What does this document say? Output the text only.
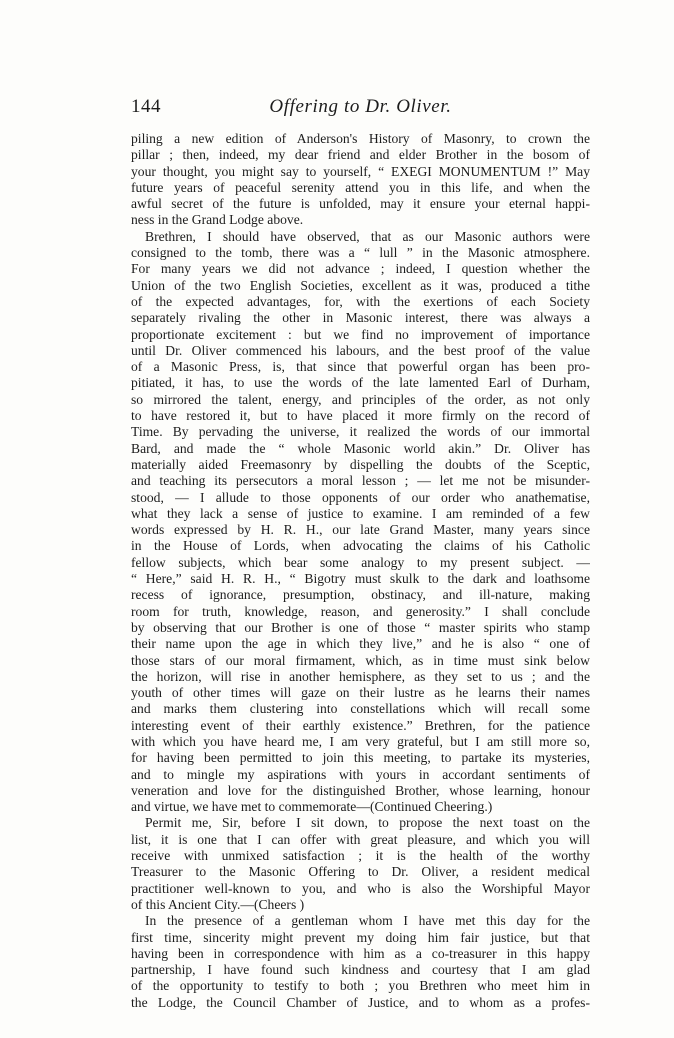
144	Offering to Dr. Oliver.
piling a new edition of Anderson's History of Masonry, to crown the
pillar ; then, indeed, my dear friend and elder Brother in the bosom of
your thought, you might say to yourself, “ EXEGI MONUMENTUM !” May
future years of peaceful serenity attend you in this life, and when the
awful secret of the future is unfolded, may it ensure your eternal happi-
ness in the Grand Lodge above.
Brethren, I should have observed, that as our Masonic authors were
consigned to the tomb, there was a “ lull ” in the Masonic atmosphere.
For many years we did not advance ; indeed, I question whether the
Union of the two English Societies, excellent as it was, produced a tithe
of the expected advantages, for, with the exertions of each Society
separately rivaling the other in Masonic interest, there was always a
proportionate excitement : but we find no improvement of importance
until Dr. Oliver commenced his labours, and the best proof of the value
of a Masonic Press, is, that since that powerful organ has been pro-
pitiated, it has, to use the words of the late lamented Earl of Durham,
so mirrored the talent, energy, and principles of the order, as not only
to have restored it, but to have placed it more firmly on the record of
Time. By pervading the universe, it realized the words of our immortal
Bard, and made the “ whole Masonic world akin.” Dr. Oliver has
materially aided Freemasonry by dispelling the doubts of the Sceptic,
and teaching its persecutors a moral lesson ; — let me not be misunder-
stood, — I allude to those opponents of our order who anathematise,
what they lack a sense of justice to examine. I am reminded of a few
words expressed by H. R. H., our late Grand Master, many years since
in the House of Lords, when advocating the claims of his Catholic
fellow subjects, which bear some analogy to my present subject. —
“ Here,” said H. R. H., “ Bigotry must skulk to the dark and loathsome
recess of ignorance, presumption, obstinacy, and ill-nature, making
room for truth, knowledge, reason, and generosity.” I shall conclude
by observing that our Brother is one of those “ master spirits who stamp
their name upon the age in which they live,” and he is also “ one of
those stars of our moral firmament, which, as in time must sink below
the horizon, will rise in another hemisphere, as they set to us ; and the
youth of other times will gaze on their lustre as he learns their names
and marks them clustering into constellations which will recall some
interesting event of their earthly existence.” Brethren, for the patience
with which you have heard me, I am very grateful, but I am still more so,
for having been permitted to join this meeting, to partake its mysteries,
and to mingle my aspirations with yours in accordant sentiments of
veneration and love for the distinguished Brother, whose learning, honour
and virtue, we have met to commemorate—(Continued Cheering.)
Permit me, Sir, before I sit down, to propose the next toast on the
list, it is one that I can offer with great pleasure, and which you will
receive with unmixed satisfaction ; it is the health of the worthy
Treasurer to the Masonic Offering to Dr. Oliver, a resident medical
practitioner well-known to you, and who is also the Worshipful Mayor
of this Ancient City.—(Cheers )
In the presence of a gentleman whom I have met this day for the
first time, sincerity might prevent my doing him fair justice, but that
having been in correspondence with him as a co-treasurer in this happy
partnership, I have found such kindness and courtesy that I am glad
of the opportunity to testify to both ; you Brethren who meet him in
the Lodge, the Council Chamber of Justice, and to whom as a profes-
